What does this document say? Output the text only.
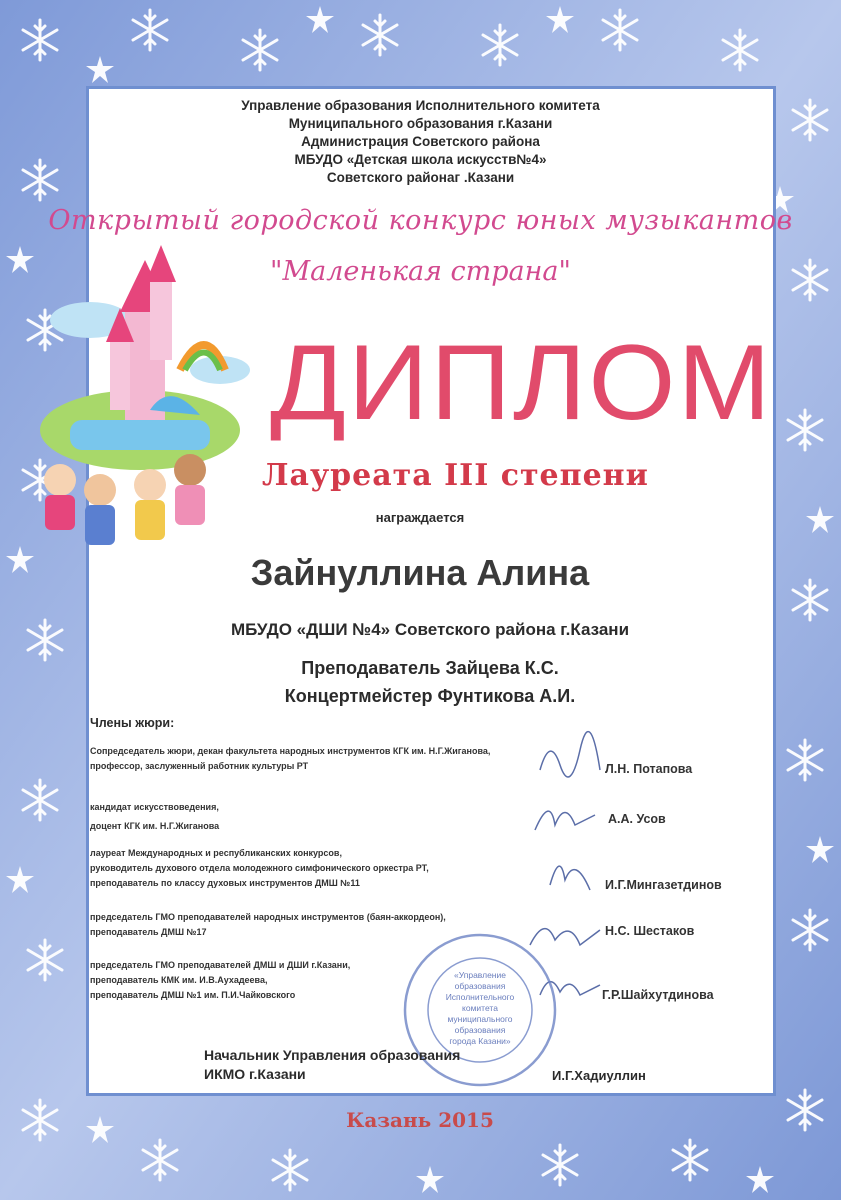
Управление образования Исполнительного комитета
Муниципального образования г.Казани
Администрация Советского района
МБУДО «Детская школа искусств№4»
Советского районаг .Казани
Открытый городской конкурс юных музыкантов
"Маленькая страна"
ДИПЛОМ
Лауреата III степени
награждается
Зайнуллина Алина
МБУДО «ДШИ №4» Советского района г.Казани
Преподаватель Зайцева К.С.
Концертмейстер Фунтикова А.И.
Члены жюри:
Сопредседатель жюри, декан факультета народных инструментов КГК им. Н.Г.Жиганова,
профессор, заслуженный работник культуры РТ	Л.Н. Потапова
кандидат искусствоведения,
доцент КГК им. Н.Г.Жиганова	А.А. Усов
лауреат Международных и республиканских конкурсов,
руководитель духового отдела молодежного симфонического оркестра РТ,
преподаватель по классу духовых инструментов ДМШ №11	И.Г.Мингазетдинов
председатель ГМО преподавателей народных инструментов (баян-аккордеон),
преподаватель ДМШ №17	Н.С. Шестаков
председатель ГМО преподавателей ДМШ и ДШИ г.Казани,
преподаватель КМК им. И.В.Аухадеева,
преподаватель ДМШ №1 им. П.И.Чайковского	Г.Р.Шайхутдинова
«Управление
образования
Исполнительного
комитета
муниципального
образования
города Казани»
Начальник Управления образования
ИКМО г.Казани	И.Г.Хадиуллин
Казань 2015
